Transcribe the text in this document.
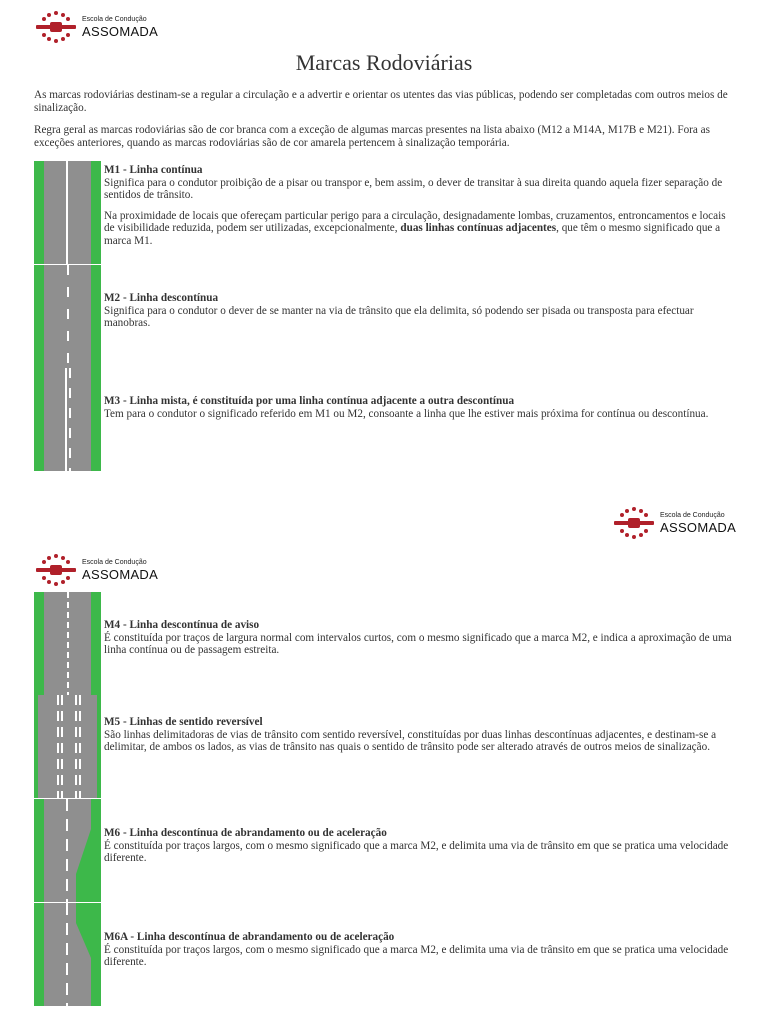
Escola de Condução
ASSOMADA
Marcas Rodoviárias

As marcas rodoviárias destinam-se a regular a circulação e a advertir e orientar os utentes das vias públicas, podendo ser completadas com outros meios de sinalização.

Regra geral as marcas rodoviárias são de cor branca com a exceção de algumas marcas presentes na lista abaixo (M12 a M14A, M17B e M21). Fora as exceções anteriores, quando as marcas rodoviárias são de cor amarela pertencem à sinalização temporária.

M1 - Linha contínua

Significa para o condutor proibição de a pisar ou transpor e, bem assim, o dever de transitar à sua direita quando aquela fizer separação de sentidos de trânsito.

Na proximidade de locais que ofereçam particular perigo para a circulação, designadamente lombas, cruzamentos, entroncamentos e locais de visibilidade reduzida, podem ser utilizadas, excepcionalmente, duas linhas contínuas adjacentes, que têm o mesmo significado que a marca M1.

M2 - Linha descontínua

Significa para o condutor o dever de se manter na via de trânsito que ela delimita, só podendo ser pisada ou transposta para efectuar manobras.

M3 - Linha mista, é constituída por uma linha contínua adjacente a outra descontínua

Tem para o condutor o significado referido em M1 ou M2, consoante a linha que lhe estiver mais próxima for contínua ou descontínua.

Escola de Condução
ASSOMADA
Escola de Condução
ASSOMADA
M4 - Linha descontínua de aviso

É constituída por traços de largura normal com intervalos curtos, com o mesmo significado que a marca M2, e indica a aproximação de uma linha contínua ou de passagem estreita.

M5 - Linhas de sentido reversível

São linhas delimitadoras de vias de trânsito com sentido reversível, constituídas por duas linhas descontínuas adjacentes, e destinam-se a delimitar, de ambos os lados, as vias de trânsito nas quais o sentido de trânsito pode ser alterado através de outros meios de sinalização.

M6 - Linha descontínua de abrandamento ou de aceleração

É constituída por traços largos, com o mesmo significado que a marca M2, e delimita uma via de trânsito em que se pratica uma velocidade diferente.

M6A - Linha descontínua de abrandamento ou de aceleração

É constituída por traços largos, com o mesmo significado que a marca M2, e delimita uma via de trânsito em que se pratica uma velocidade diferente.
